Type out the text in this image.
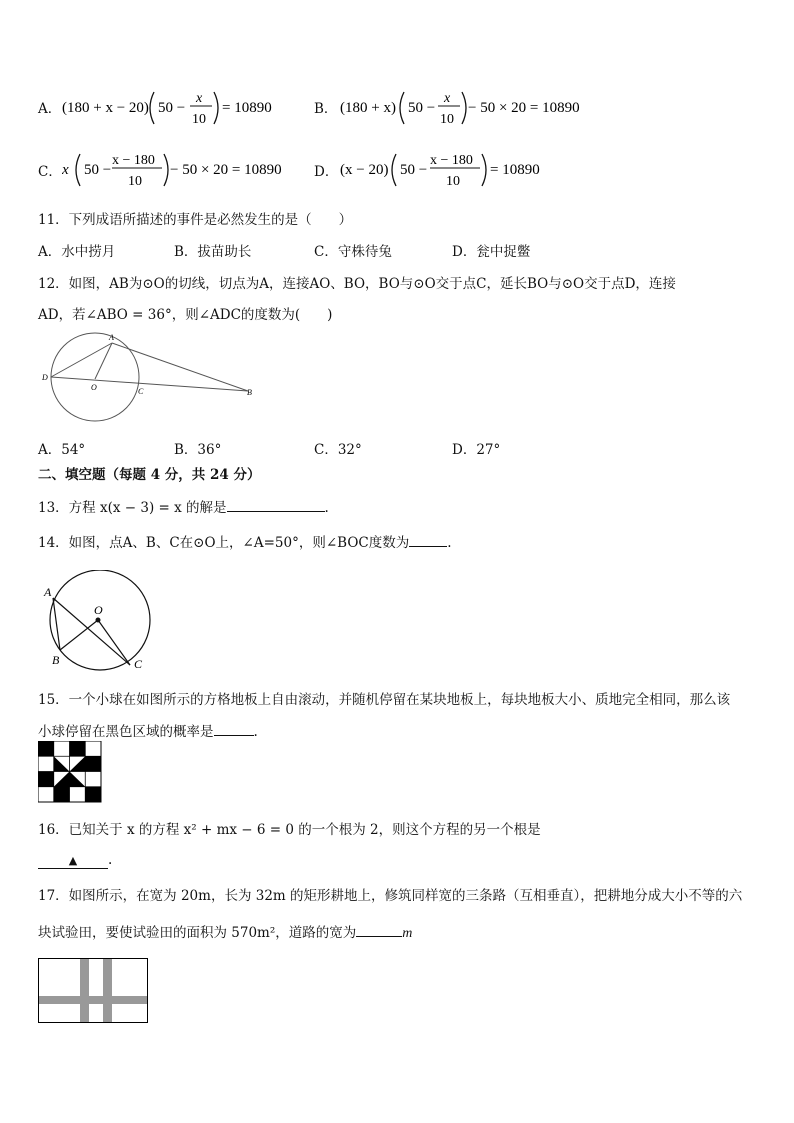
A． (180 + x − 20) 50 −
x
10
= 10890	B． (180 + x) 50 −
x
10
− 50 × 20 = 10890
C． x 50 −
x − 180
10
− 50 × 20 = 10890 D． (x − 20) 50 −
x − 180
10
= 10890
11．下列成语所描述的事件是必然发生的是（　　）
A．水中捞月	B．拔苗助长	C．守株待兔	D．瓮中捉鳖
12．如图，AB为⊙O的切线，切点为A，连接AO、BO，BO与⊙O交于点C，延长BO与⊙O交于点D，连接
AD，若∠ABO = 36°，则∠ADC的度数为(　　)
A
B
C
D
O
A．54°	B．36°	C．32°	D．27°
二、填空题（每题 4 分，共 24 分）
13．方程 x(x − 3) = x 的解是	.
14．如图，点A、B、C在⊙O上，∠A=50°，则∠BOC度数为	.
A
B	C
O
15．一个小球在如图所示的方格地板上自由滚动，并随机停留在某块地板上，每块地板大小、质地完全相同，那么该
小球停留在黑色区域的概率是	.
16．已知关于 x 的方程 x² + mx − 6 = 0 的一个根为 2，则这个方程的另一个根是
▲ .
17．如图所示，在宽为 20m，长为 32m 的矩形耕地上，修筑同样宽的三条路（互相垂直），把耕地分成大小不等的六
块试验田，要使试验田的面积为 570m²，道路的宽为	m
